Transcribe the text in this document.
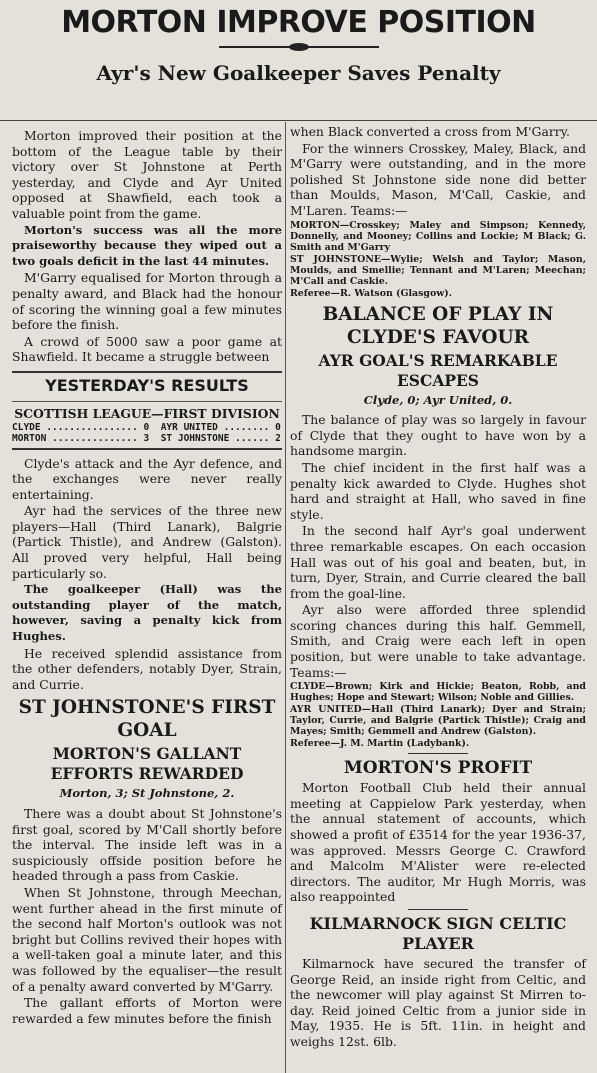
MORTON IMPROVE POSITION
Ayr's New Goalkeeper Saves Penalty

Morton improved their position at the bottom of the League table by their victory over St Johnstone at Perth yesterday, and Clyde and Ayr United opposed at Shawfield, each took a valuable point from the game.

Morton's success was all the more praiseworthy because they wiped out a two goals deficit in the last 44 minutes.

M'Garry equalised for Morton through a penalty award, and Black had the honour of scoring the winning goal a few minutes before the finish.

A crowd of 5000 saw a poor game at Shawfield. It became a struggle between

YESTERDAY'S RESULTS
SCOTTISH LEAGUE—FIRST DIVISION
CLYDE ................ 0  AYR UNITED ........ 0
MORTON ............... 3  ST JOHNSTONE ...... 2

Clyde's attack and the Ayr defence, and the exchanges were never really entertaining.

Ayr had the services of the three new players—Hall (Third Lanark), Balgrie (Partick Thistle), and Andrew (Galston). All proved very helpful, Hall being particularly so.

The goalkeeper (Hall) was the outstanding player of the match, however, saving a penalty kick from Hughes.

He received splendid assistance from the other defenders, notably Dyer, Strain, and Currie.

ST JOHNSTONE'S FIRST GOAL
MORTON'S GALLANT EFFORTS REWARDED
Morton, 3; St Johnstone, 2.

There was a doubt about St Johnstone's first goal, scored by M'Call shortly before the interval. The inside left was in a suspiciously offside position before he headed through a pass from Caskie.

When St Johnstone, through Meechan, went further ahead in the first minute of the second half Morton's outlook was not bright but Collins revived their hopes with a well-taken goal a minute later, and this was followed by the equaliser—the result of a penalty award converted by M'Garry.

The gallant efforts of Morton were rewarded a few minutes before the finish

when Black converted a cross from M'Garry.

For the winners Crosskey, Maley, Black, and M'Garry were outstanding, and in the more polished St Johnstone side none did better than Moulds, Mason, M'Call, Caskie, and M'Laren. Teams:—

MORTON—Crosskey; Maley and Simpson; Kennedy, Donnelly, and Mooney; Collins and Lockie; M Black; G. Smith and M'Garry

ST JOHNSTONE—Wylie; Welsh and Taylor; Mason, Moulds, and Smellie; Tennant and M'Laren; Meechan; M'Call and Caskie.

Referee—R. Watson (Glasgow).

BALANCE OF PLAY IN CLYDE'S FAVOUR
AYR GOAL'S REMARKABLE ESCAPES
Clyde, 0; Ayr United, 0.

The balance of play was so largely in favour of Clyde that they ought to have won by a handsome margin.

The chief incident in the first half was a penalty kick awarded to Clyde. Hughes shot hard and straight at Hall, who saved in fine style.

In the second half Ayr's goal underwent three remarkable escapes. On each occasion Hall was out of his goal and beaten, but, in turn, Dyer, Strain, and Currie cleared the ball from the goal-line.

Ayr also were afforded three splendid scoring chances during this half. Gemmell, Smith, and Craig were each left in open position, but were unable to take advantage. Teams:—

CLYDE—Brown; Kirk and Hickie; Beaton, Robb, and Hughes; Hope and Stewart; Wilson; Noble and Gillies.

AYR UNITED—Hall (Third Lanark); Dyer and Strain; Taylor, Currie, and Balgrie (Partick Thistle); Craig and Mayes; Smith; Gemmell and Andrew (Galston).

Referee—J. M. Martin (Ladybank).

MORTON'S PROFIT

Morton Football Club held their annual meeting at Cappielow Park yesterday, when the annual statement of accounts, which showed a profit of £3514 for the year 1936-37, was approved. Messrs George C. Crawford and Malcolm M'Alister were re-elected directors. The auditor, Mr Hugh Morris, was also reappointed

KILMARNOCK SIGN CELTIC PLAYER

Kilmarnock have secured the transfer of George Reid, an inside right from Celtic, and the newcomer will play against St Mirren to-day. Reid joined Celtic from a junior side in May, 1935. He is 5ft. 11in. in height and weighs 12st. 6lb.
